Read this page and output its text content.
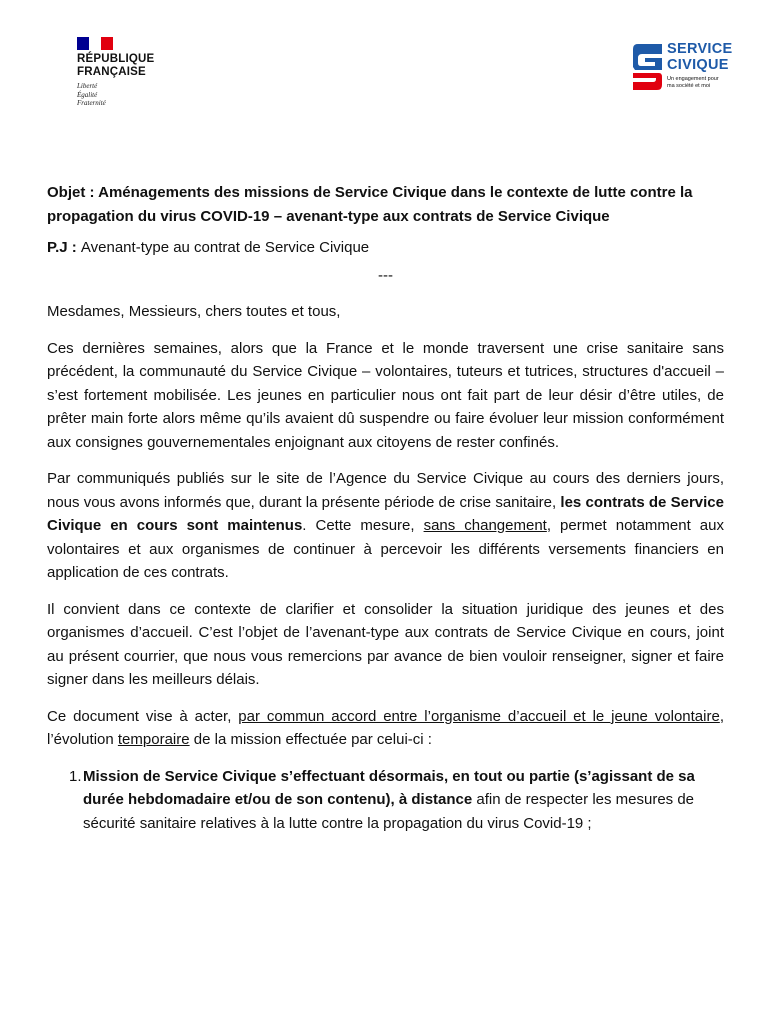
RÉPUBLIQUE
FRANÇAISE
Liberté
Égalité
Fraternité
SERVICE
CIVIQUE
Un engagement pour
ma société et moi

Objet : Aménagements des missions de Service Civique dans le contexte de lutte contre la propagation du virus COVID-19 – avenant-type aux contrats de Service Civique

P.J : Avenant-type au contrat de Service Civique

---

Mesdames, Messieurs, chers toutes et tous,

Ces dernières semaines, alors que la France et le monde traversent une crise sanitaire sans précédent, la communauté du Service Civique – volontaires, tuteurs et tutrices, structures d'accueil – s’est fortement mobilisée. Les jeunes en particulier nous ont fait part de leur désir d’être utiles, de prêter main forte alors même qu’ils avaient dû suspendre ou faire évoluer leur mission conformément aux consignes gouvernementales enjoignant aux citoyens de rester confinés.

Par communiqués publiés sur le site de l’Agence du Service Civique au cours des derniers jours, nous vous avons informés que, durant la présente période de crise sanitaire, les contrats de Service Civique en cours sont maintenus. Cette mesure, sans changement, permet notamment aux volontaires et aux organismes de continuer à percevoir les différents versements financiers en application de ces contrats.

Il convient dans ce contexte de clarifier et consolider la situation juridique des jeunes et des organismes d’accueil. C’est l’objet de l’avenant-type aux contrats de Service Civique en cours, joint au présent courrier, que nous vous remercions par avance de bien vouloir renseigner, signer et faire signer dans les meilleurs délais.

Ce document vise à acter, par commun accord entre l’organisme d’accueil et le jeune volontaire, l’évolution temporaire de la mission effectuée par celui-ci :

1. Mission de Service Civique s’effectuant désormais, en tout ou partie (s’agissant de sa durée hebdomadaire et/ou de son contenu), à distance afin de respecter les mesures de sécurité sanitaire relatives à la lutte contre la propagation du virus Covid-19 ;
